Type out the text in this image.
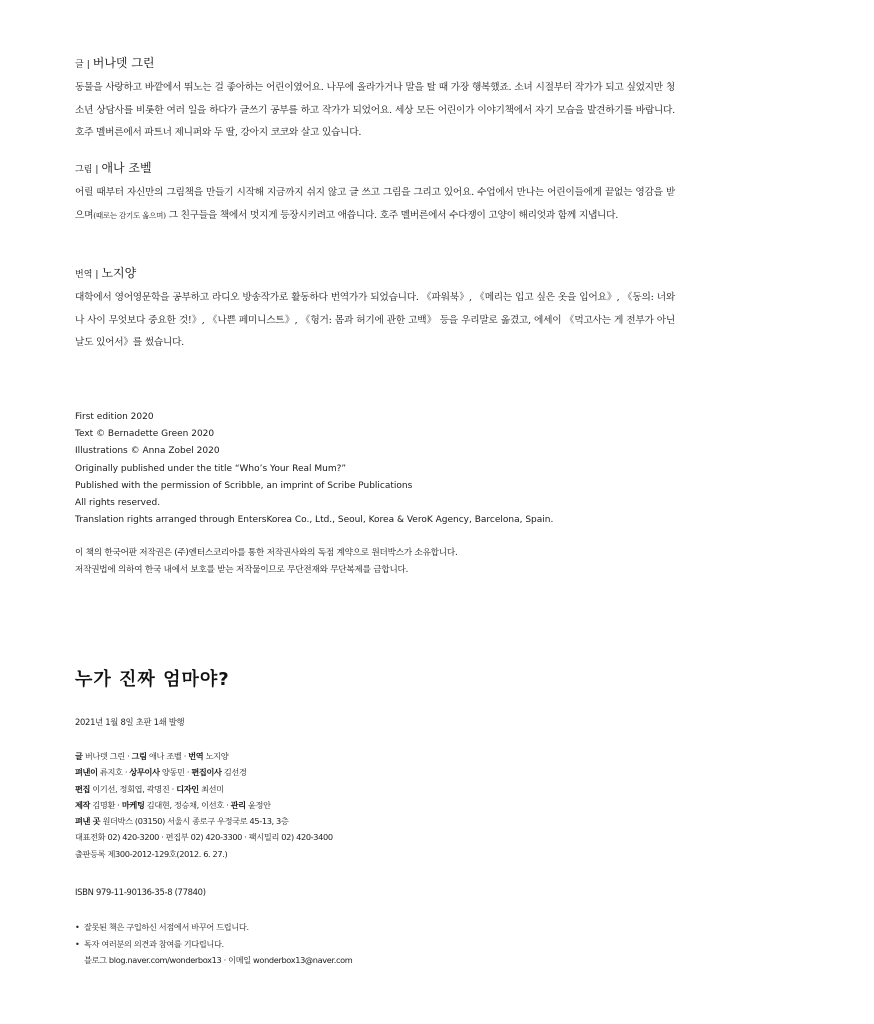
글 | 버나뎃 그린
동물을 사랑하고 바깥에서 뛰노는 걸 좋아하는 어린이였어요. 나무에 올라가거나 말을 탈 때 가장 행복했죠. 소녀 시절부터 작가가 되고 싶었지만 청소년 상담사를 비롯한 여러 일을 하다가 글쓰기 공부를 하고 작가가 되었어요. 세상 모든 어린이가 이야기책에서 자기 모습을 발견하기를 바랍니다. 호주 멜버른에서 파트너 제니퍼와 두 딸, 강아지 코코와 살고 있습니다.
그림 | 애나 조벨
어릴 때부터 자신만의 그림책을 만들기 시작해 지금까지 쉬지 않고 글 쓰고 그림을 그리고 있어요. 수업에서 만나는 어린이들에게 끝없는 영감을 받으며(때로는 감기도 옮으며) 그 친구들을 책에서 멋지게 등장시키려고 애씁니다. 호주 멜버른에서 수다쟁이 고양이 해리엇과 함께 지냅니다.
번역 | 노지양
대학에서 영어영문학을 공부하고 라디오 방송작가로 활동하다 번역가가 되었습니다. 《파워북》, 《메리는 입고 싶은 옷을 입어요》, 《동의: 너와 나 사이 무엇보다 중요한 것!》, 《나쁜 페미니스트》, 《헝거: 몸과 허기에 관한 고백》 등을 우리말로 옮겼고, 에세이 《먹고사는 게 전부가 아닌 날도 있어서》를 썼습니다.
First edition 2020
Text © Bernadette Green 2020
Illustrations © Anna Zobel 2020
Originally published under the title “Who’s Your Real Mum?”
Published with the permission of Scribble, an imprint of Scribe Publications
All rights reserved.
Translation rights arranged through EntersKorea Co., Ltd., Seoul, Korea & VeroK Agency, Barcelona, Spain.
이 책의 한국어판 저작권은 (주)엔터스코리아를 통한 저작권사와의 독점 계약으로 원더박스가 소유합니다.
저작권법에 의하여 한국 내에서 보호를 받는 저작물이므로 무단전재와 무단복제를 금합니다.
누가 진짜 엄마야?
2021년 1월 8일 초판 1쇄 발행
글 버나뎃 그린 · 그림 애나 조벨 · 번역 노지양
펴낸이 류지호 · 상무이사 양동민 · 편집이사 김선경
편집 이기선, 정회엽, 곽명진 · 디자인 최선미
제작 김명환 · 마케팅 김대현, 정승채, 이선호 · 관리 윤정안
펴낸 곳 원더박스 (03150) 서울시 종로구 우정국로 45-13, 3층
대표전화 02) 420-3200 · 편집부 02) 420-3300 · 팩시밀리 02) 420-3400
출판등록 제300-2012-129호(2012. 6. 27.)
ISBN 979-11-90136-35-8 (77840)
• 잘못된 책은 구입하신 서점에서 바꾸어 드립니다.
• 독자 여러분의 의견과 참여를 기다립니다.
블로그 blog.naver.com/wonderbox13 · 이메일 wonderbox13@naver.com
